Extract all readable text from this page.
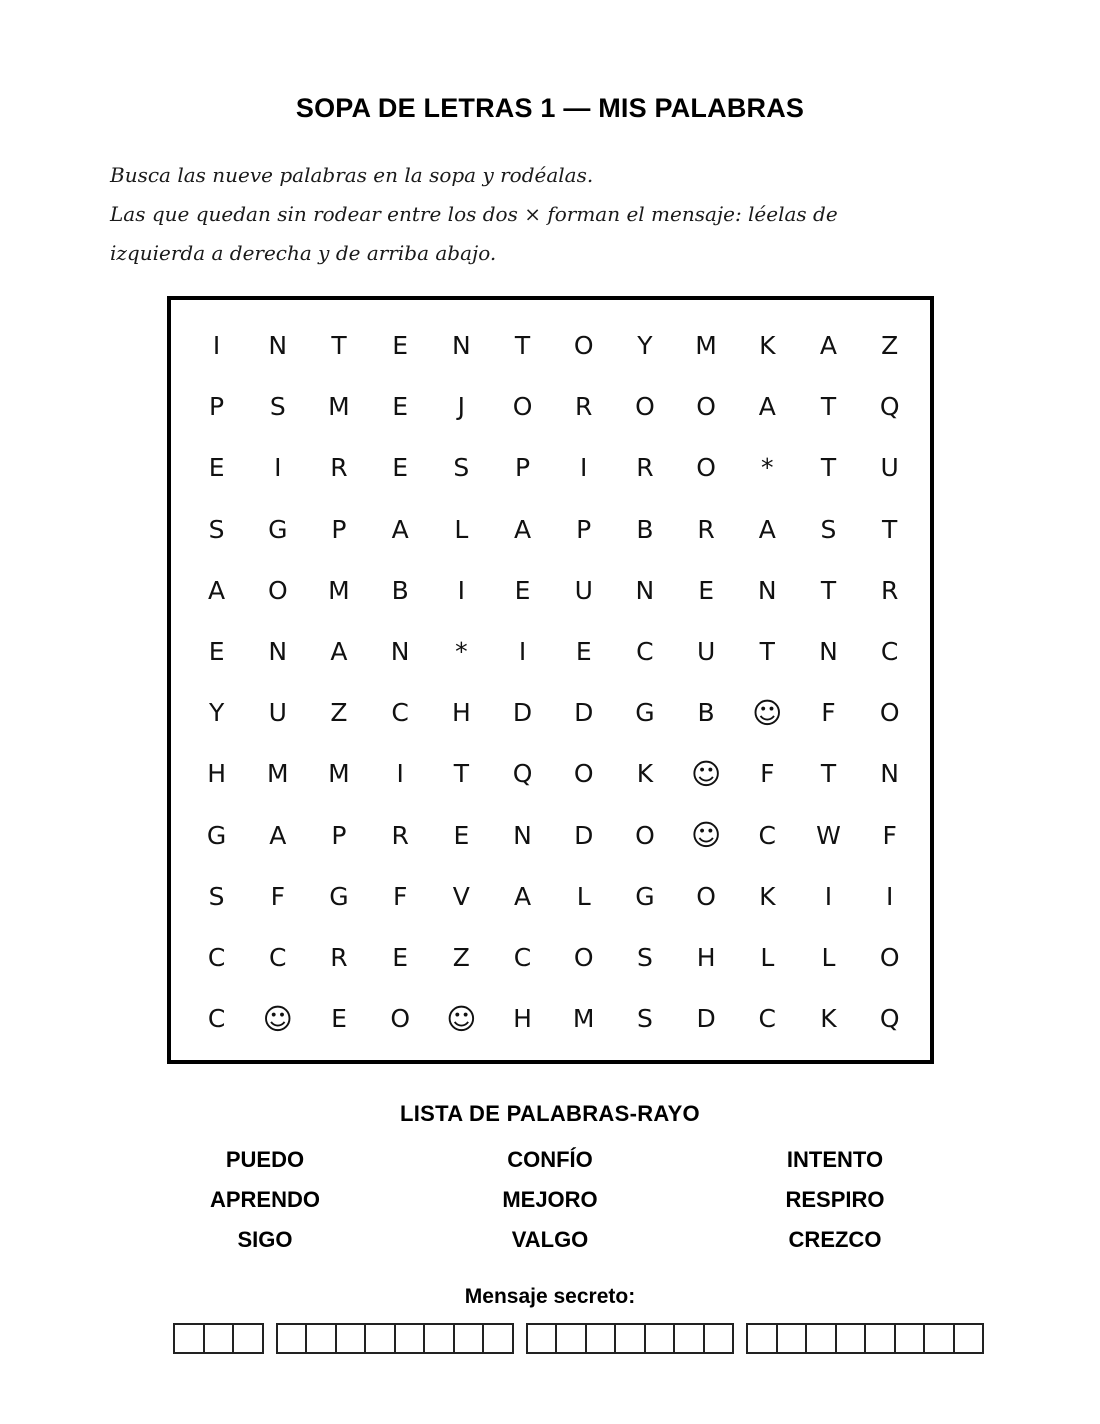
SOPA DE LETRAS 1 — MIS PALABRAS
Busca las nueve palabras en la sopa y rodéalas.
Las que quedan sin rodear entre los dos × forman el mensaje: léelas de
izquierda a derecha y de arriba abajo.
I	N	T	E	N	T	O	Y	M	K	A	Z
P	S	M	E	J	O	R	O	O	A	T	Q
E	I	R	E	S	P	I	R	O	*	T	U
S	G	P	A	L	A	P	B	R	A	S	T
A	O	M	B	I	E	U	N	E	N	T	R
E	N	A	N	*	I	E	C	U	T	N	C
Y	U	Z	C	H	D	D	G	B	☺	F	O
H	M	M	I	T	Q	O	K	☺	F	T	N
G	A	P	R	E	N	D	O	☺	C	W	F
S	F	G	F	V	A	L	G	O	K	I	I
C	C	R	E	Z	C	O	S	H	L	L	O
C	☺	E	O	☺	H	M	S	D	C	K	Q
LISTA DE PALABRAS-RAYO
PUEDO	CONFÍO	INTENTO
APRENDO	MEJORO	RESPIRO
SIGO	VALGO	CREZCO
Mensaje secreto:
